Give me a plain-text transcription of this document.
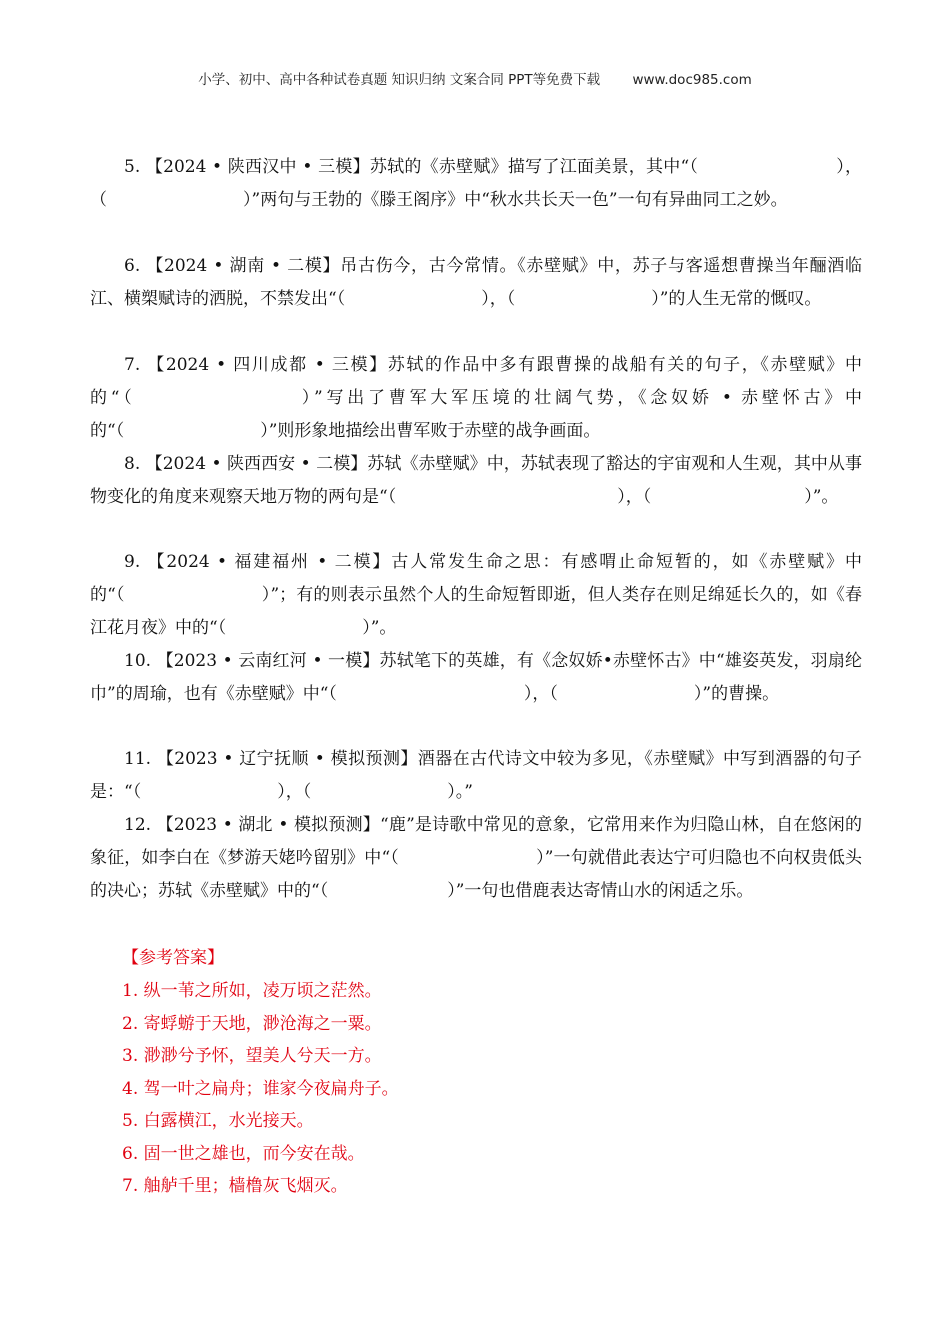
小学、初中、高中各种试卷真题 知识归纳 文案合同 PPT等免费下载 www.doc985.com

5. 【2024 • 陕西汉中 • 三模】苏轼的《赤壁赋》描写了江面美景，其中“（　　　　　　　　），（　　　　　　　　）”两句与王勃的《滕王阁序》中“秋水共长天一色”一句有异曲同工之妙。

6. 【2024 • 湖南 • 二模】吊古伤今，古今常情。《赤壁赋》中，苏子与客遥想曹操当年酾酒临江、横槊赋诗的洒脱，不禁发出“（　　　　　　　　），（　　　　　　　　）”的人生无常的慨叹。

7. 【2024 • 四川成都 • 三模】苏轼的作品中多有跟曹操的战船有关的句子，《赤壁赋》中的“（　　　　　　　　）”写出了曹军大军压境的壮阔气势，《念奴娇 • 赤壁怀古》中的“（　　　　　　　　）”则形象地描绘出曹军败于赤壁的战争画面。

8. 【2024 • 陕西西安 • 二模】苏轼《赤壁赋》中，苏轼表现了豁达的宇宙观和人生观，其中从事物变化的角度来观察天地万物的两句是“（　　　　　　　　　　　　　），（　　　　　　　　　）”。

9. 【2024 • 福建福州 • 二模】古人常发生命之思：有感喟止命短暂的，如《赤壁赋》中的“（　　　　　　　　）”；有的则表示虽然个人的生命短暂即逝，但人类存在则足绵延长久的，如《春江花月夜》中的“（　　　　　　　　）”。

10. 【2023 • 云南红河 • 一模】苏轼笔下的英雄，有《念奴娇•赤壁怀古》中“雄姿英发，羽扇纶巾”的周瑜，也有《赤壁赋》中“（　　　　　　　　　　　），（　　　　　　　　）”的曹操。

11. 【2023 • 辽宁抚顺 • 模拟预测】酒器在古代诗文中较为多见，《赤壁赋》中写到酒器的句子是：“（　　　　　　　　），（　　　　　　　　）。”

12. 【2023 • 湖北 • 模拟预测】“鹿”是诗歌中常见的意象，它常用来作为归隐山林，自在悠闲的象征，如李白在《梦游天姥吟留别》中“（　　　　　　　　）”一句就借此表达宁可归隐也不向权贵低头的决心；苏轼《赤壁赋》中的“（　　　　　　　）”一句也借鹿表达寄情山水的闲适之乐。

【参考答案】
1. 纵一苇之所如，凌万顷之茫然。
2. 寄蜉蝣于天地，渺沧海之一粟。
3. 渺渺兮予怀，望美人兮天一方。
4. 驾一叶之扁舟；谁家今夜扁舟子。
5. 白露横江，水光接天。
6. 固一世之雄也，而今安在哉。
7. 舳舻千里；樯橹灰飞烟灭。
